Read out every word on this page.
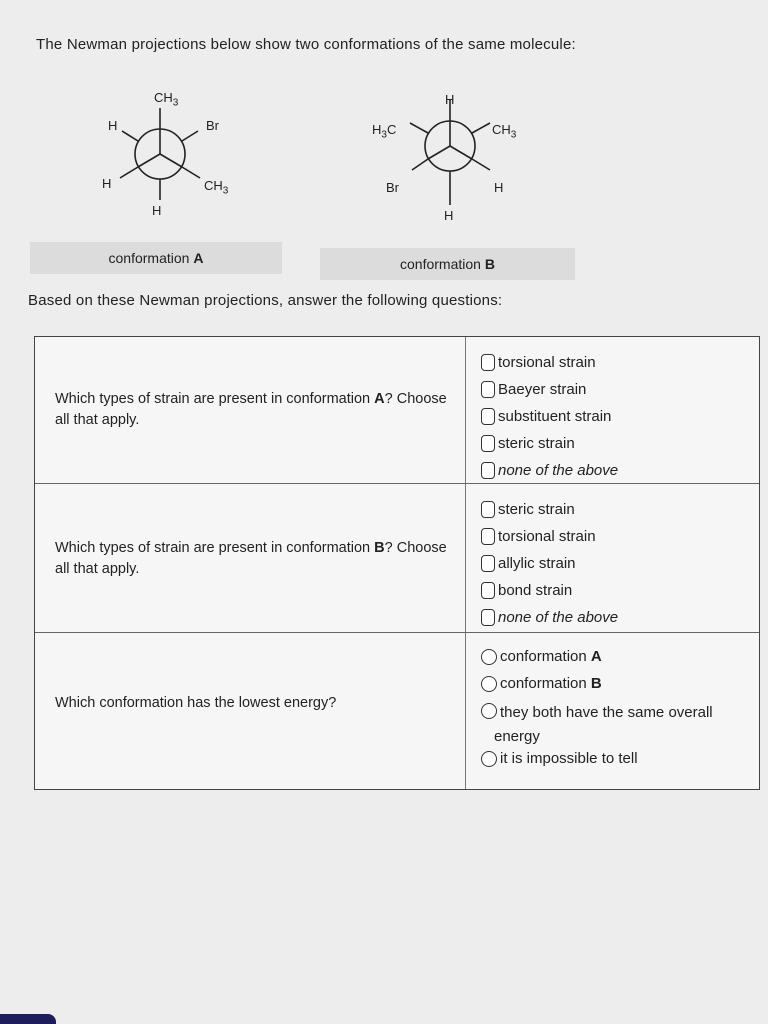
The Newman projections below show two conformations of the same molecule:
$CH_3$
H	Br
H	$CH_3$
H
H
$H_3C$	$CH_3$
Br	H
H
conformation A	conformation B
Based on these Newman projections, answer the following questions:
Which types of strain are present in conformation A? Choose all that apply.
torsional strain
Baeyer strain
substituent strain
steric strain
none of the above
Which types of strain are present in conformation B? Choose all that apply.
steric strain
torsional strain
allylic strain
bond strain
none of the above
Which conformation has the lowest energy?
conformation A
conformation B
they both have the same overall energy
it is impossible to tell
